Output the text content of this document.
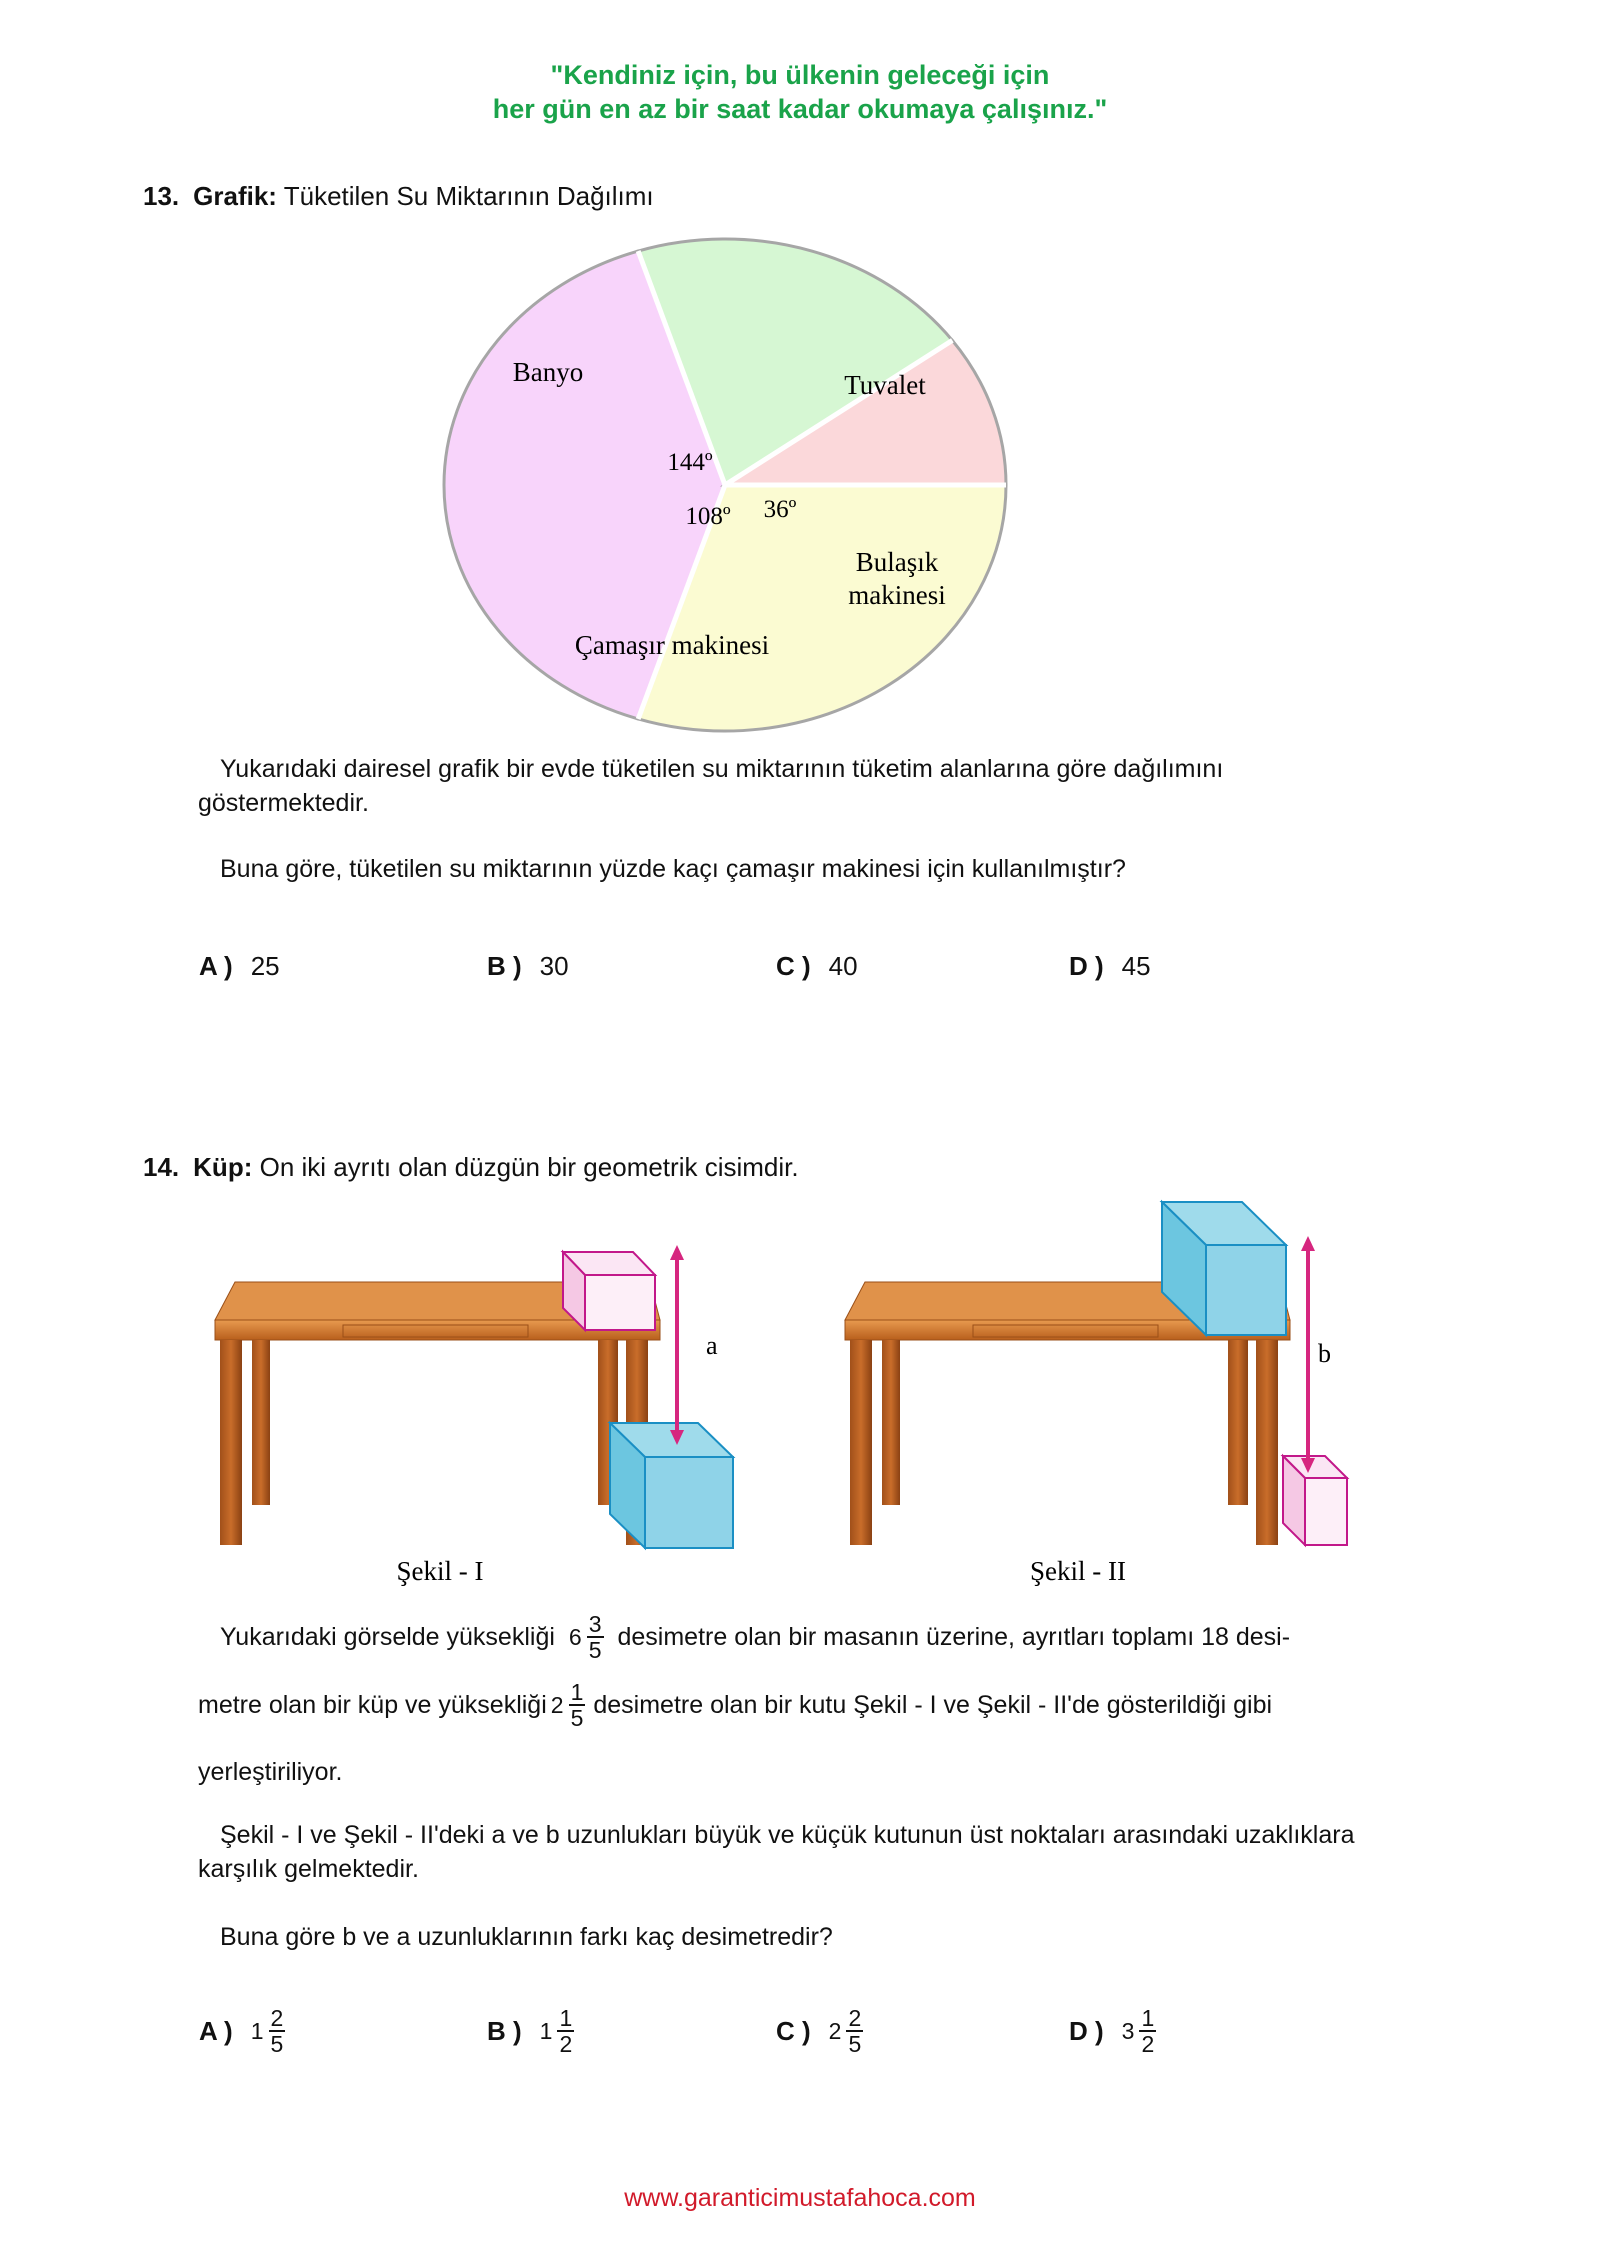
"Kendiniz için, bu ülkenin geleceği için
her gün en az bir saat kadar okumaya çalışınız."
13. Grafik: Tüketilen Su Miktarının Dağılımı
Banyo	Tuvalet
Bulaşık
makinesi
Çamaşır makinesi
144º
108º 36º
Yukarıdaki dairesel grafik bir evde tüketilen su miktarının tüketim alanlarına göre dağılımını göstermektedir.
Buna göre, tüketilen su miktarının yüzde kaçı çamaşır makinesi için kullanılmıştır?
A ) 25	B ) 30	C ) 40	D ) 45
14. Küp: On iki ayrıtı olan düzgün bir geometrik cisimdir.
a	b
Şekil - I	Şekil - II
Yukarıdaki görselde yüksekliği $6 \frac{3}{5}$ desimetre olan bir masanın üzerine, ayrıtları toplamı 18 desi-
metre olan bir küp ve yüksekliği $2 \frac{1}{5}$ desimetre olan bir kutu Şekil - I ve Şekil - II'de gösterildiği gibi
yerleştiriliyor.
Şekil - I ve Şekil - II'deki a ve b uzunlukları büyük ve küçük kutunun üst noktaları arasındaki uzaklıklara karşılık gelmektedir.
Buna göre b ve a uzunluklarının farkı kaç desimetredir?
A ) $1 \frac{2}{5}$	B ) $1 \frac{1}{2}$	C ) $2 \frac{2}{5}$	D ) $3 \frac{1}{2}$
www.garanticimustafahoca.com
